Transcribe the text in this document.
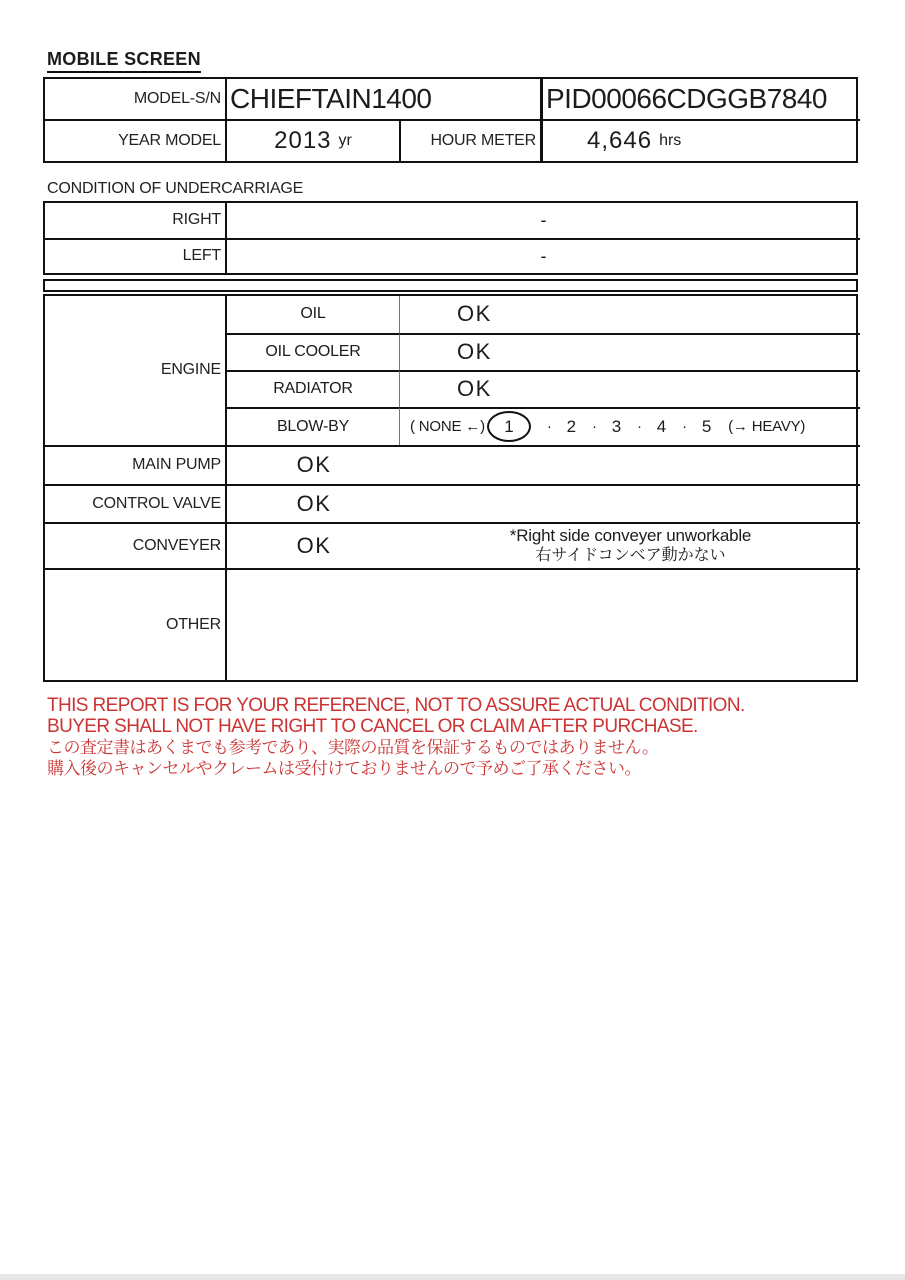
MOBILE SCREEN
MODEL-S/N CHIEFTAIN1400	PID00066CDGGB7840
YEAR MODEL 2013 yr	HOUR METER 4,646 hrs
CONDITION OF UNDERCARRIAGE
RIGHT	-
LEFT	-
ENGINE
OIL	OK
OIL COOLER	OK
RADIATOR	OK
BLOW-BY	( NONE ←) 1 · 2 · 3 · 4 · 5 (→ HEAVY)
MAIN PUMP	OK
CONTROL VALVE	OK
CONVEYER	OK	*Right side conveyer unworkable
右サイドコンベア動かない
OTHER
THIS REPORT IS FOR YOUR REFERENCE, NOT TO ASSURE ACTUAL CONDITION.
BUYER SHALL NOT HAVE RIGHT TO CANCEL OR CLAIM AFTER PURCHASE.
この査定書はあくまでも参考であり、実際の品質を保証するものではありません。
購入後のキャンセルやクレームは受付けておりませんので予めご了承ください。
